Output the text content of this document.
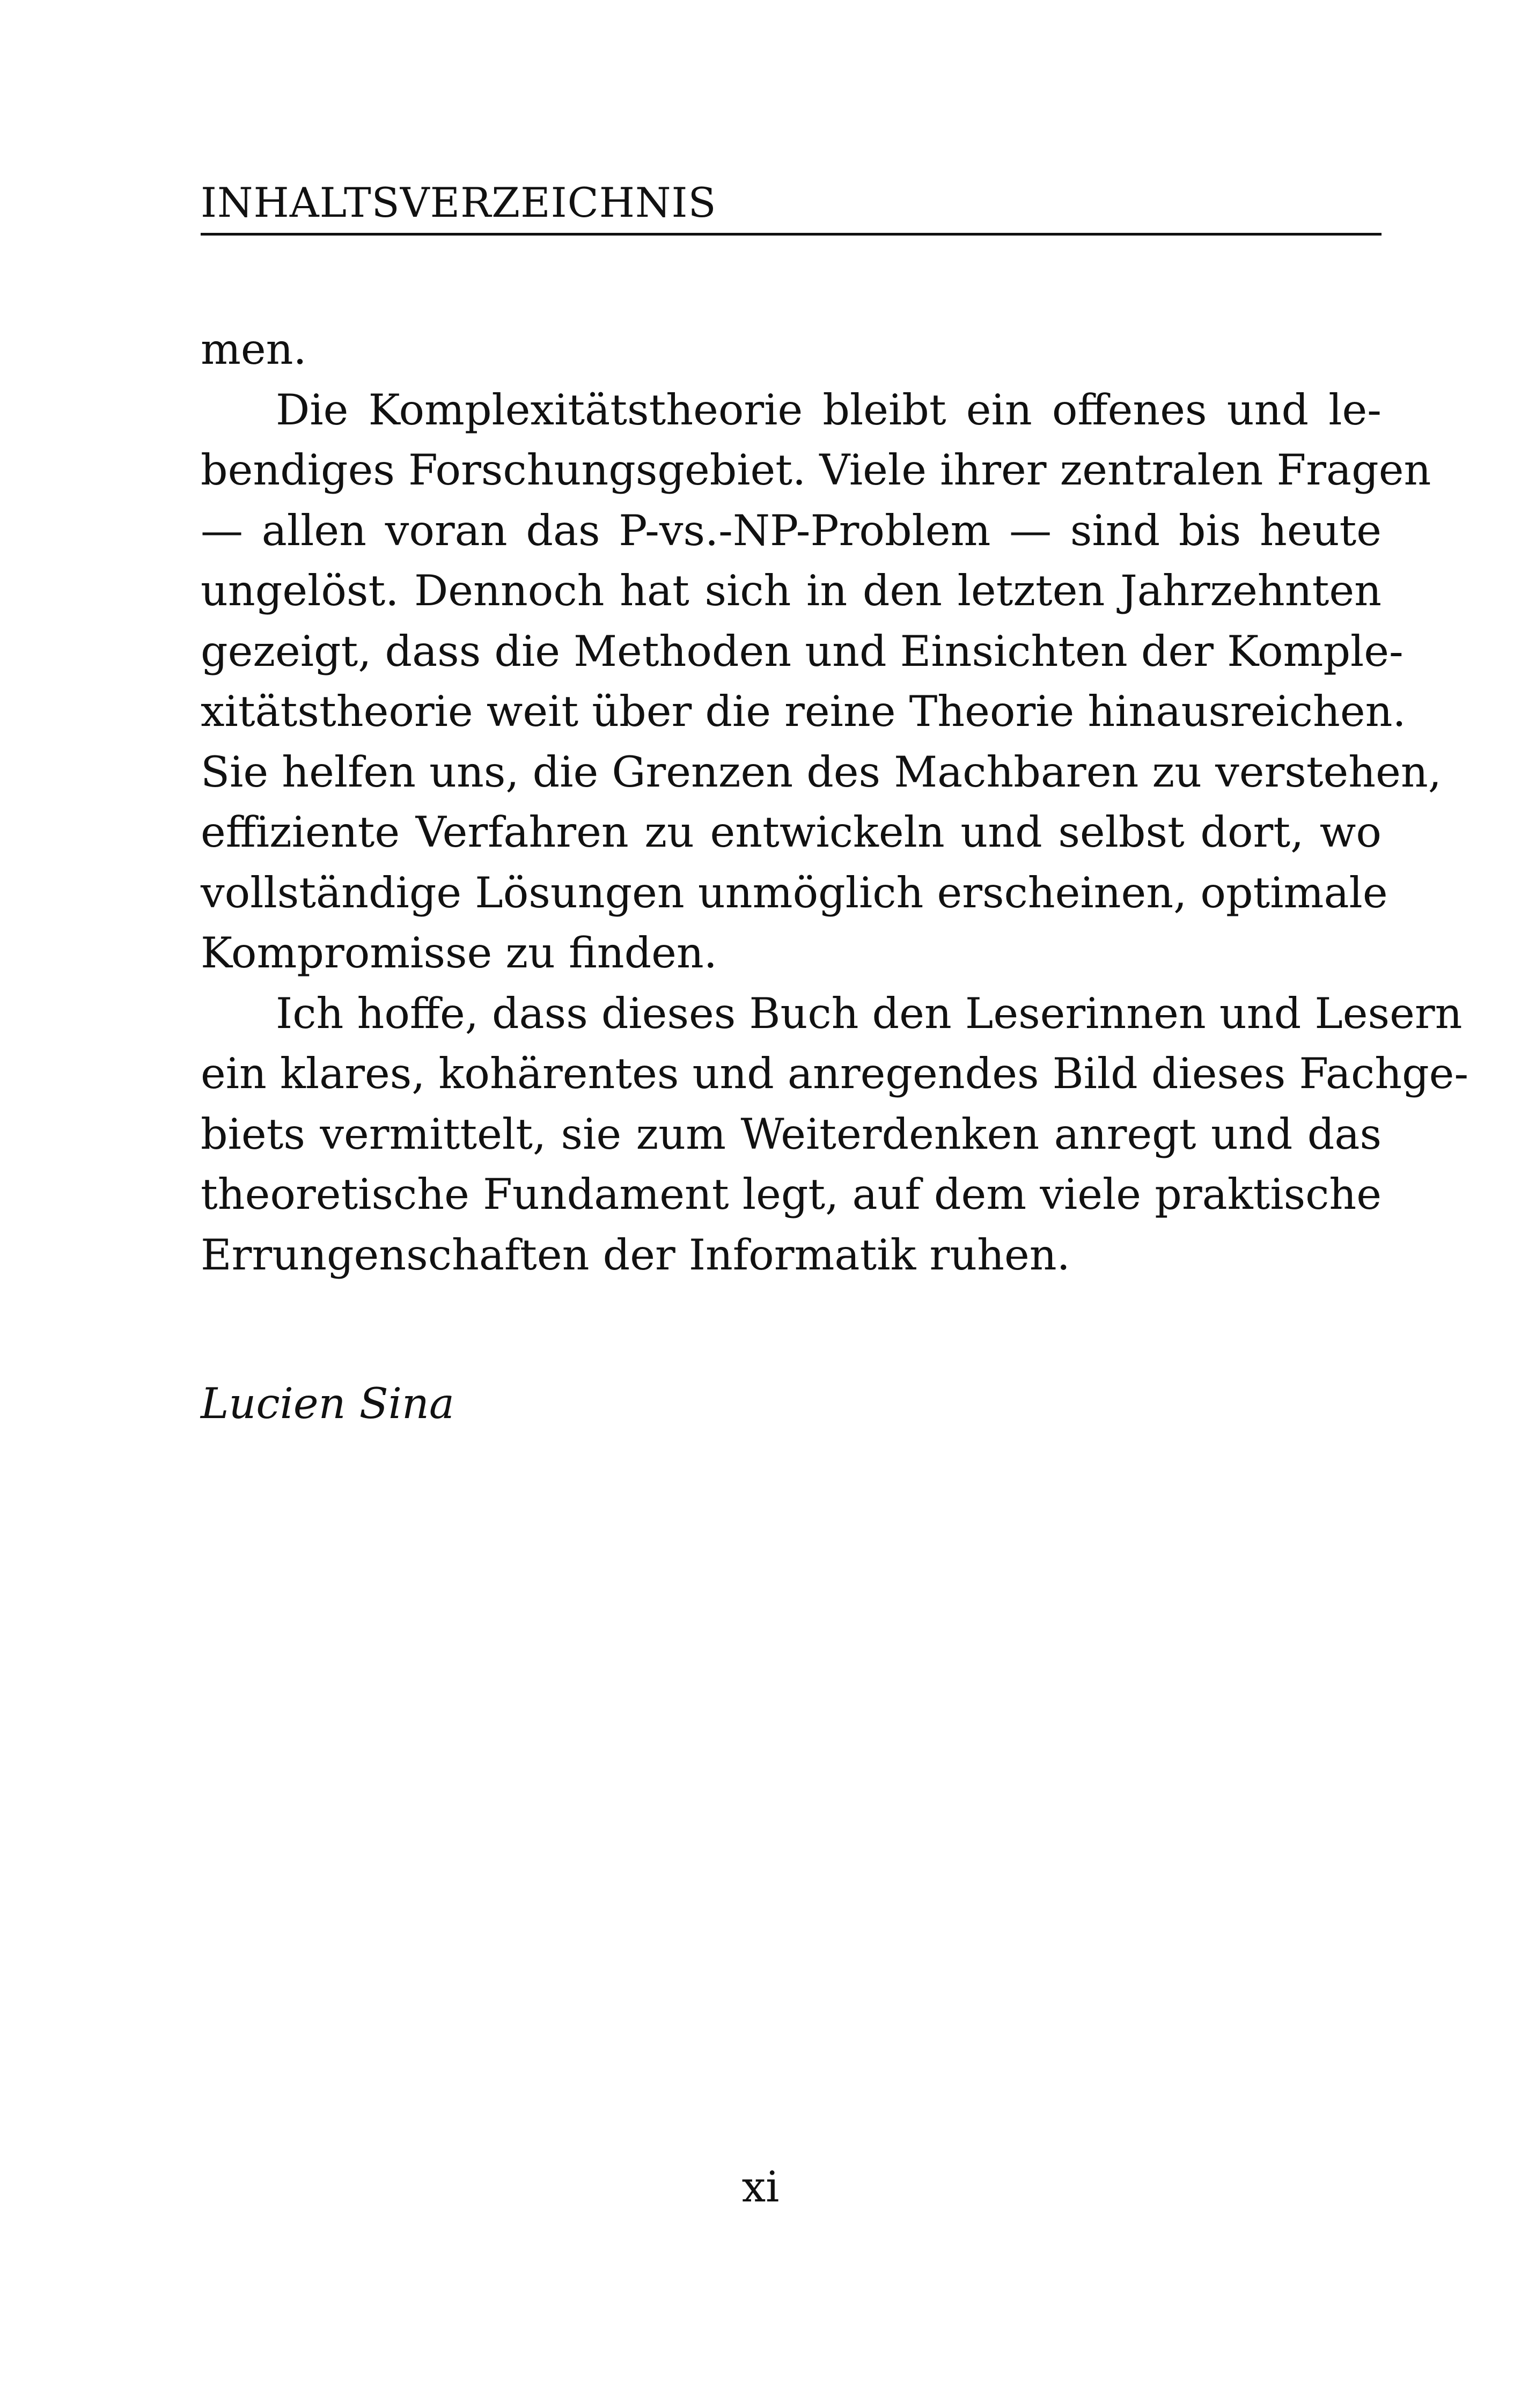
INHALTSVERZEICHNIS
men.
Die Komplexitätstheorie bleibt ein offenes und le-
bendiges Forschungsgebiet. Viele ihrer zentralen Fragen
— allen voran das P-vs.-NP-Problem — sind bis heute
ungelöst. Dennoch hat sich in den letzten Jahrzehnten
gezeigt, dass die Methoden und Einsichten der Komple-
xitätstheorie weit über die reine Theorie hinausreichen.
Sie helfen uns, die Grenzen des Machbaren zu verstehen,
effiziente Verfahren zu entwickeln und selbst dort, wo
vollständige Lösungen unmöglich erscheinen, optimale
Kompromisse zu finden.
Ich hoffe, dass dieses Buch den Leserinnen und Lesern
ein klares, kohärentes und anregendes Bild dieses Fachge-
biets vermittelt, sie zum Weiterdenken anregt und das
theoretische Fundament legt, auf dem viele praktische
Errungenschaften der Informatik ruhen.
Lucien Sina
xi
